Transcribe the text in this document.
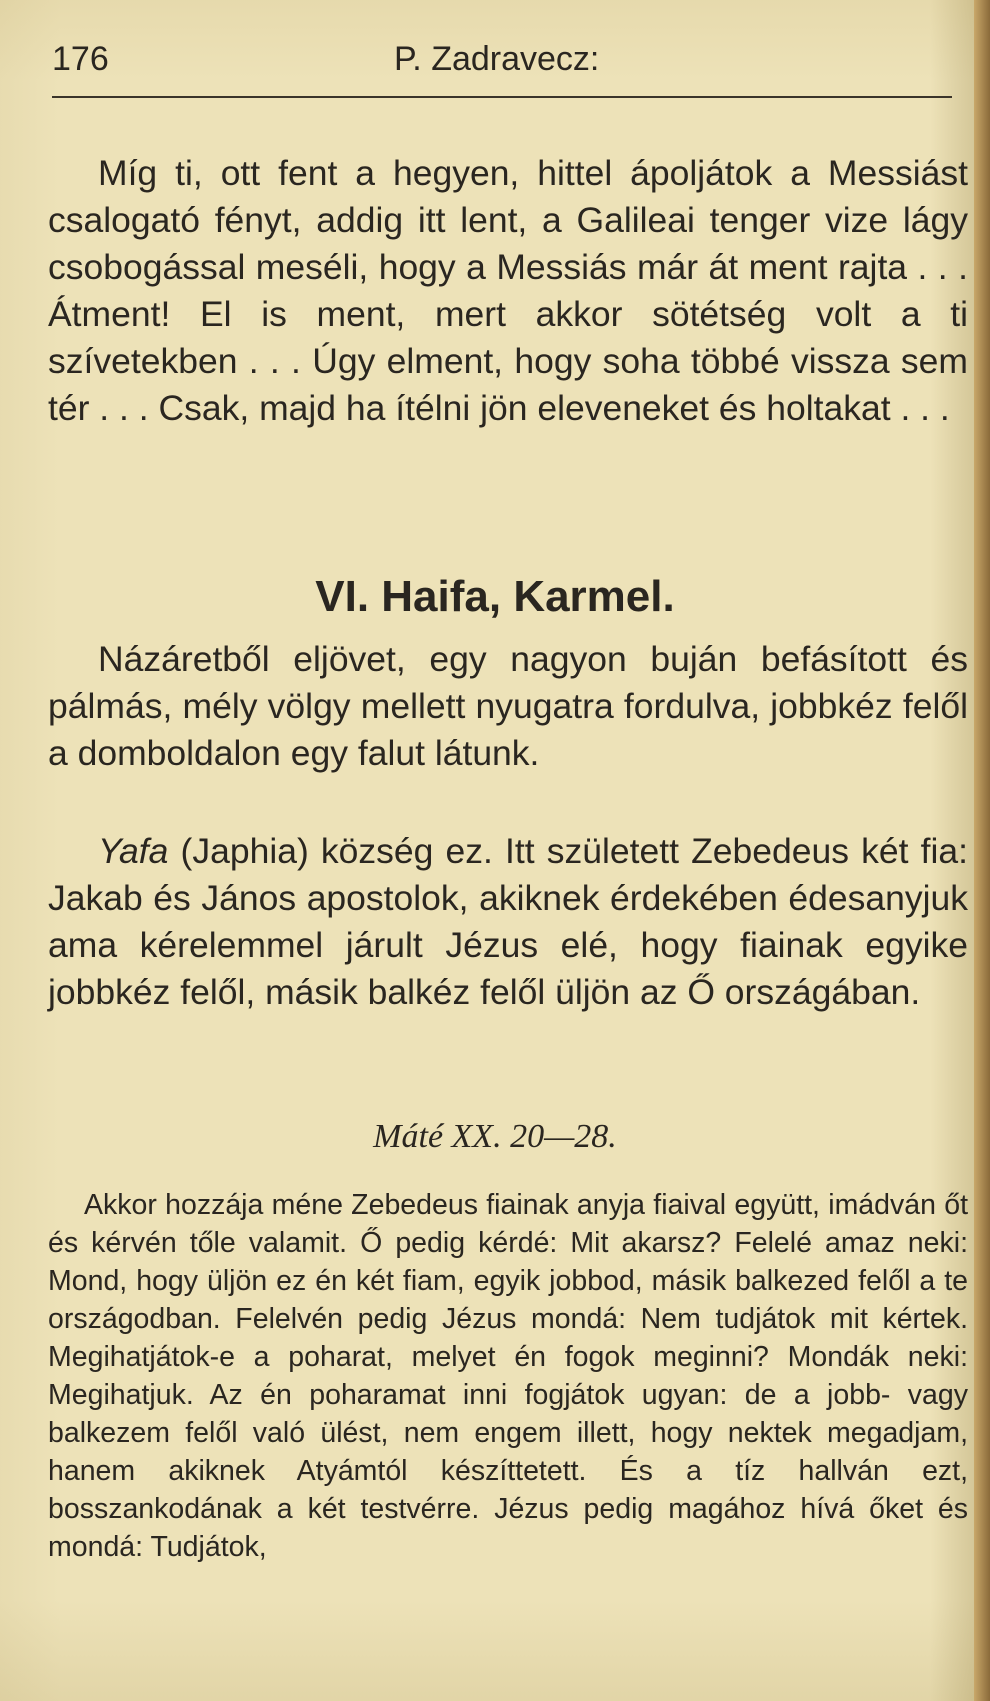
176	P. Zadravecz:
Míg ti, ott fent a hegyen, hittel ápoljátok a Messiást csalogató fényt, addig itt lent, a Galileai tenger vize lágy csobogással meséli, hogy a Messiás már át ment rajta . . . Átment! El is ment, mert akkor sötétség volt a ti szívetekben . . . Úgy elment, hogy soha többé vissza sem tér . . . Csak, majd ha ítélni jön eleveneket és holtakat . . .
VI. Haifa, Karmel.
Názáretből eljövet, egy nagyon buján befásított és pálmás, mély völgy mellett nyugatra fordulva, jobbkéz felől a domboldalon egy falut látunk.
Yafa (Japhia) község ez. Itt született Zebedeus két fia: Jakab és János apostolok, akiknek érdekében édesanyjuk ama kérelemmel járult Jézus elé, hogy fiainak egyike jobbkéz felől, másik balkéz felől üljön az Ő országában.
Máté XX. 20—28.
Akkor hozzája méne Zebedeus fiainak anyja fiaival együtt, imádván őt és kérvén tőle valamit. Ő pedig kérdé: Mit akarsz? Felelé amaz neki: Mond, hogy üljön ez én két fiam, egyik jobbod, másik balkezed felől a te országodban. Felelvén pedig Jézus mondá: Nem tudjátok mit kértek. Megihatjátok-e a poharat, melyet én fogok meginni? Mondák neki: Megihatjuk. Az én poharamat inni fogjátok ugyan: de a jobb- vagy balkezem felől való ülést, nem engem illett, hogy nektek megadjam, hanem akiknek Atyámtól készíttetett. És a tíz hallván ezt, bosszankodának a két testvérre. Jézus pedig magához hívá őket és mondá: Tudjátok,
